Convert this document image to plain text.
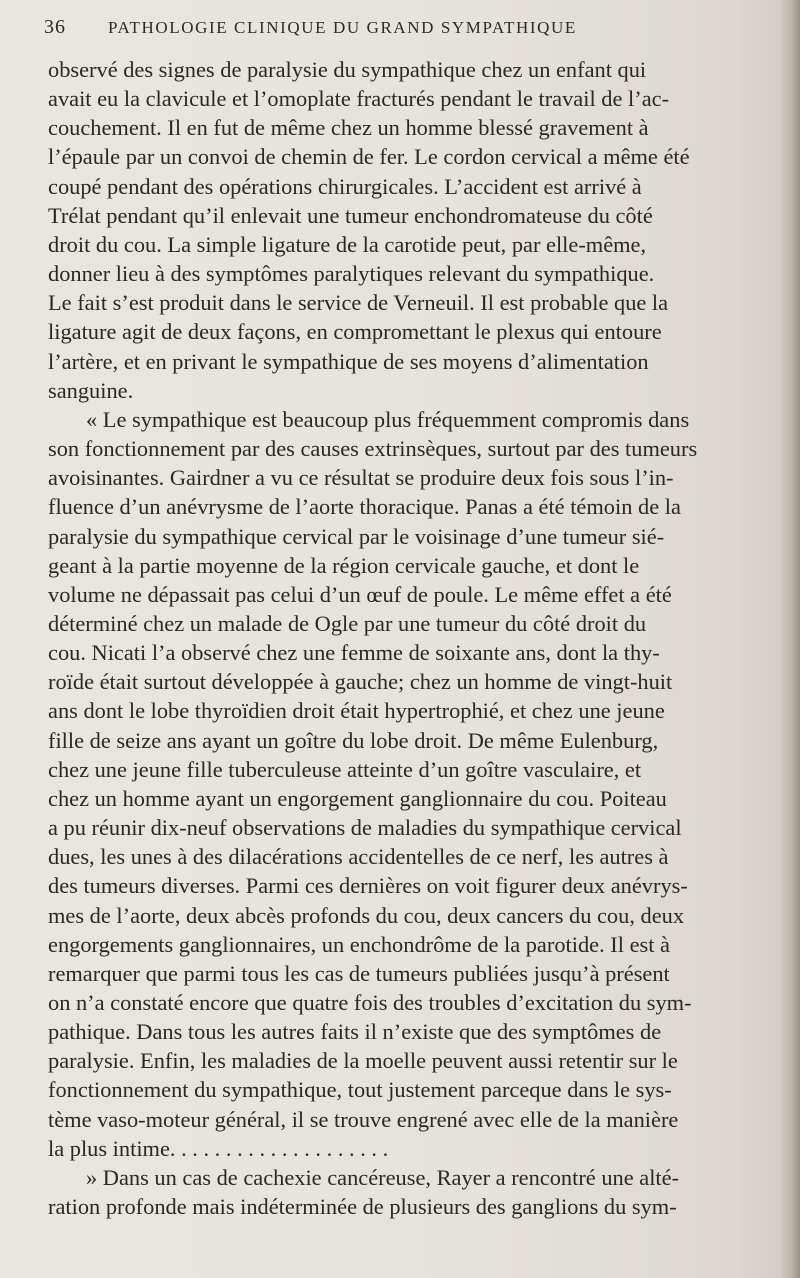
36 PATHOLOGIE CLINIQUE DU GRAND SYMPATHIQUE
observé des signes de paralysie du sympathique chez un enfant qui
avait eu la clavicule et l’omoplate fracturés pendant le travail de l’ac-
couchement. Il en fut de même chez un homme blessé gravement à
l’épaule par un convoi de chemin de fer. Le cordon cervical a même été
coupé pendant des opérations chirurgicales. L’accident est arrivé à
Trélat pendant qu’il enlevait une tumeur enchondromateuse du côté
droit du cou. La simple ligature de la carotide peut, par elle-même,
donner lieu à des symptômes paralytiques relevant du sympathique.
Le fait s’est produit dans le service de Verneuil. Il est probable que la
ligature agit de deux façons, en compromettant le plexus qui entoure
l’artère, et en privant le sympathique de ses moyens d’alimentation
sanguine.
« Le sympathique est beaucoup plus fréquemment compromis dans
son fonctionnement par des causes extrinsèques, surtout par des tumeurs
avoisinantes. Gairdner a vu ce résultat se produire deux fois sous l’in-
fluence d’un anévrysme de l’aorte thoracique. Panas a été témoin de la
paralysie du sympathique cervical par le voisinage d’une tumeur sié-
geant à la partie moyenne de la région cervicale gauche, et dont le
volume ne dépassait pas celui d’un œuf de poule. Le même effet a été
déterminé chez un malade de Ogle par une tumeur du côté droit du
cou. Nicati l’a observé chez une femme de soixante ans, dont la thy-
roïde était surtout développée à gauche; chez un homme de vingt-huit
ans dont le lobe thyroïdien droit était hypertrophié, et chez une jeune
fille de seize ans ayant un goître du lobe droit. De même Eulenburg,
chez une jeune fille tuberculeuse atteinte d’un goître vasculaire, et
chez un homme ayant un engorgement ganglionnaire du cou. Poiteau
a pu réunir dix-neuf observations de maladies du sympathique cervical
dues, les unes à des dilacérations accidentelles de ce nerf, les autres à
des tumeurs diverses. Parmi ces dernières on voit figurer deux anévrys-
mes de l’aorte, deux abcès profonds du cou, deux cancers du cou, deux
engorgements ganglionnaires, un enchondrôme de la parotide. Il est à
remarquer que parmi tous les cas de tumeurs publiées jusqu’à présent
on n’a constaté encore que quatre fois des troubles d’excitation du sym-
pathique. Dans tous les autres faits il n’existe que des symptômes de
paralysie. Enfin, les maladies de la moelle peuvent aussi retentir sur le
fonctionnement du sympathique, tout justement parceque dans le sys-
tème vaso-moteur général, il se trouve engrené avec elle de la manière
la plus intime. . . . . . . . . . . . . . . . . . . .
» Dans un cas de cachexie cancéreuse, Rayer a rencontré une alté-
ration profonde mais indéterminée de plusieurs des ganglions du sym-
